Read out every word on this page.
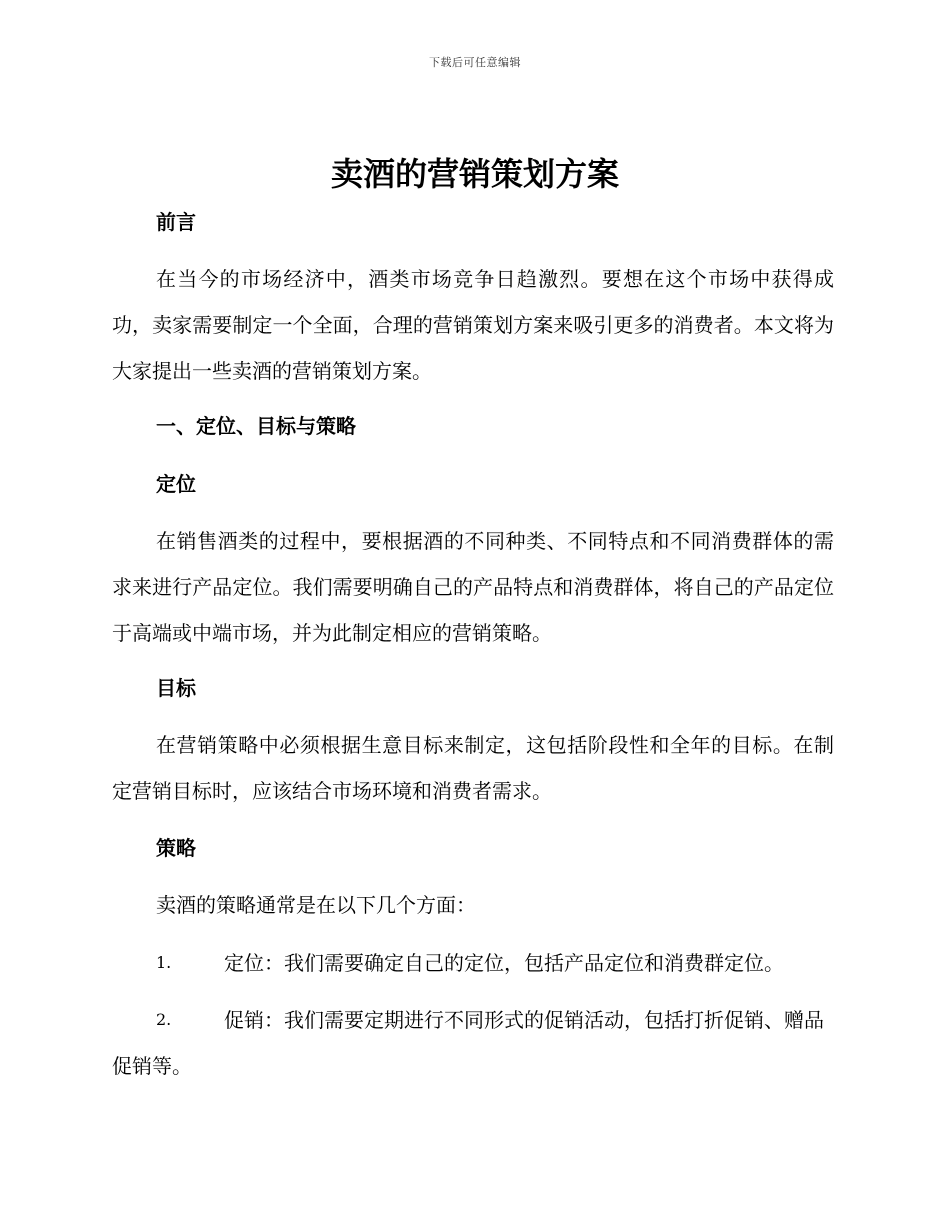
下载后可任意编辑
卖酒的营销策划方案
前言

在当今的市场经济中，酒类市场竞争日趋激烈。要想在这个市场中获得成功，卖家需要制定一个全面，合理的营销策划方案来吸引更多的消费者。本文将为大家提出一些卖酒的营销策划方案。

一、定位、目标与策略
定位

在销售酒类的过程中，要根据酒的不同种类、不同特点和不同消费群体的需求来进行产品定位。我们需要明确自己的产品特点和消费群体，将自己的产品定位于高端或中端市场，并为此制定相应的营销策略。

目标

在营销策略中必须根据生意目标来制定，这包括阶段性和全年的目标。在制定营销目标时，应该结合市场环境和消费者需求。

策略

卖酒的策略通常是在以下几个方面：

1.	定位：我们需要确定自己的定位，包括产品定位和消费群定位。
2.	促销：我们需要定期进行不同形式的促销活动，包括打折促销、赠品促销等。
